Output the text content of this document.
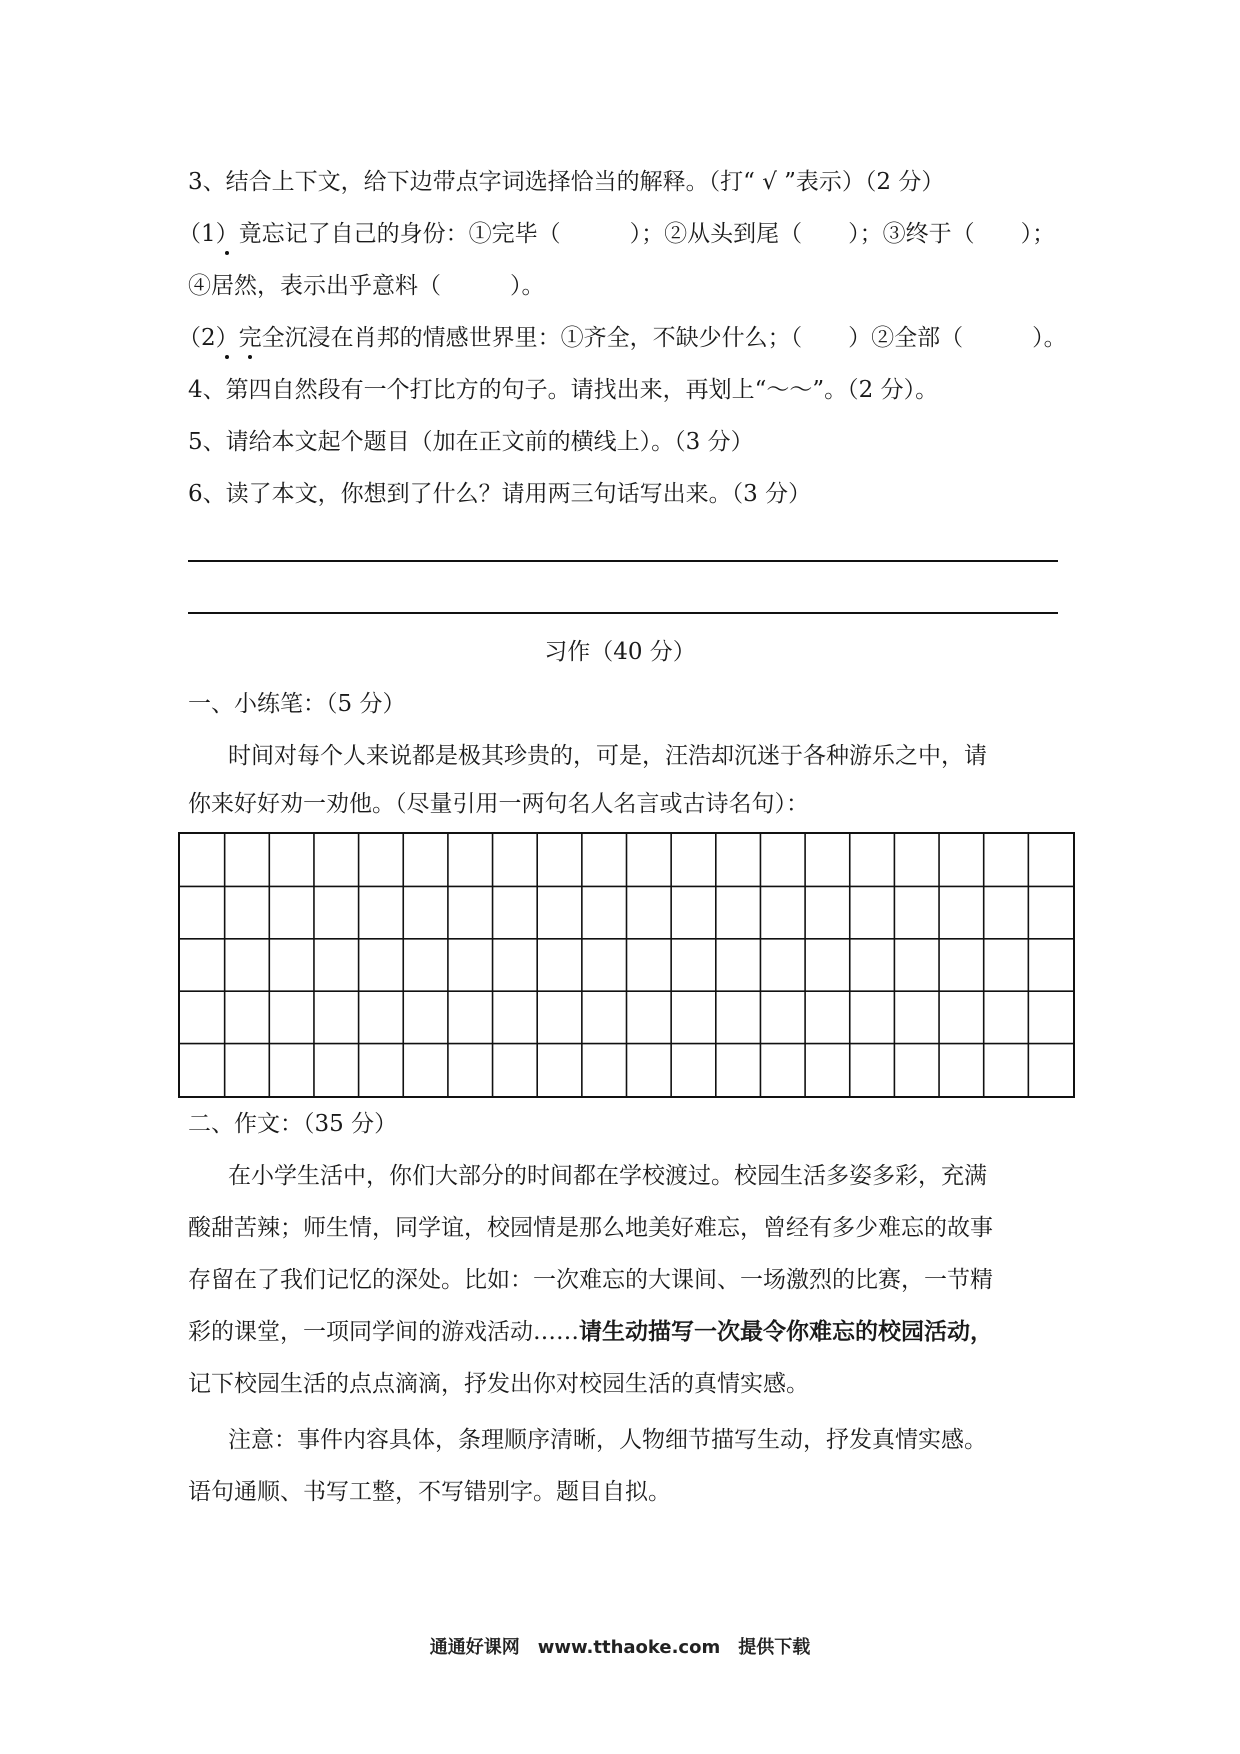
3、结合上下文，给下边带点字词选择恰当的解释。（打“ √ ”表示）（2 分）
（1）竟忘记了自己的身份：①完毕（　　　）；②从头到尾（　　）；③终于（　　）；
④居然，表示出乎意料（　　　）。
（2）完全沉浸在肖邦的情感世界里：①齐全，不缺少什么；（　　）②全部（　　　）。
4、第四自然段有一个打比方的句子。请找出来，再划上“～～”。（2 分）。
5、请给本文起个题目（加在正文前的横线上）。（3 分）
6、读了本文，你想到了什么？请用两三句话写出来。（3 分）
习作（40 分）
一、小练笔：（5 分）
时间对每个人来说都是极其珍贵的，可是，汪浩却沉迷于各种游乐之中，请
你来好好劝一劝他。（尽量引用一两句名人名言或古诗名句）：
二、作文：（35 分）
在小学生活中，你们大部分的时间都在学校渡过。校园生活多姿多彩，充满
酸甜苦辣；师生情，同学谊，校园情是那么地美好难忘，曾经有多少难忘的故事
存留在了我们记忆的深处。比如：一次难忘的大课间、一场激烈的比赛，一节精
彩的课堂，一项同学间的游戏活动……请生动描写一次最令你难忘的校园活动，
记下校园生活的点点滴滴，抒发出你对校园生活的真情实感。
注意：事件内容具体，条理顺序清晰，人物细节描写生动，抒发真情实感。
语句通顺、书写工整，不写错别字。题目自拟。
通通好课网　www.tthaoke.com　提供下载
